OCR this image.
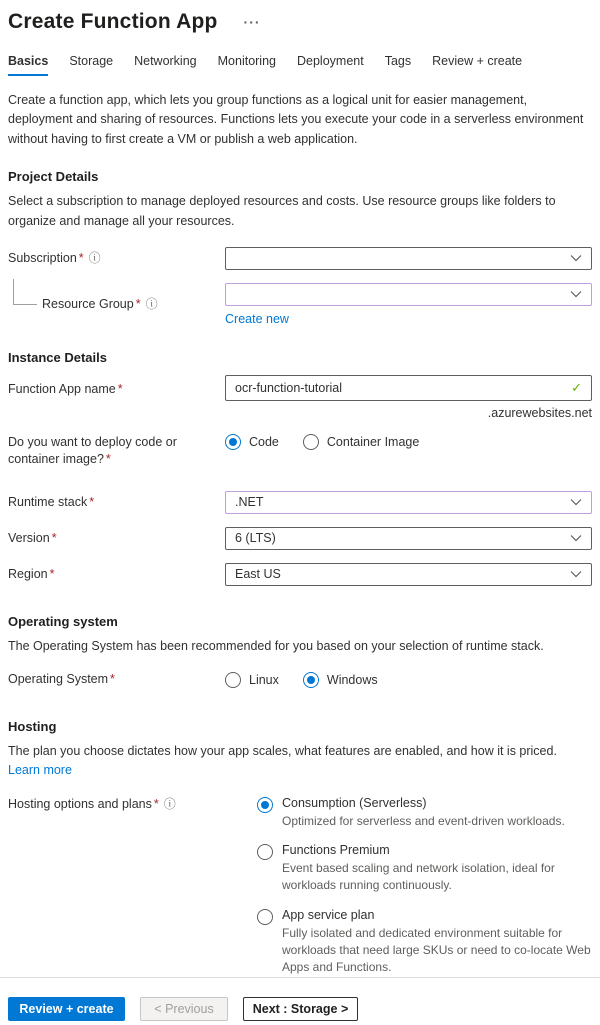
Create Function App ···
Basics Storage Networking Monitoring Deployment Tags Review + create
Create a function app, which lets you group functions as a logical unit for easier management, deployment and sharing of resources. Functions lets you execute your code in a serverless environment without having to first create a VM or publish a web application.
Project Details
Select a subscription to manage deployed resources and costs. Use resource groups like folders to organize and manage all your resources.
Subscription * ⓘ
Resource Group * ⓘ
Create new
Instance Details
Function App name *
ocr-function-tutorial	✓
.azurewebsites.net
Do you want to deploy code or container image? *
Code	Container Image
Runtime stack *	.NET
Version *	6 (LTS)
Region *	East US
Operating system
The Operating System has been recommended for you based on your selection of runtime stack.
Operating System *	Linux	Windows
Hosting
The plan you choose dictates how your app scales, what features are enabled, and how it is priced. Learn more
Hosting options and plans * ⓘ	Consumption (Serverless)
Optimized for serverless and event-driven workloads.
Functions Premium
Event based scaling and network isolation, ideal for workloads running continuously.
App service plan
Fully isolated and dedicated environment suitable for workloads that need large SKUs or need to co-locate Web Apps and Functions.
Review + create	< Previous	Next : Storage >
